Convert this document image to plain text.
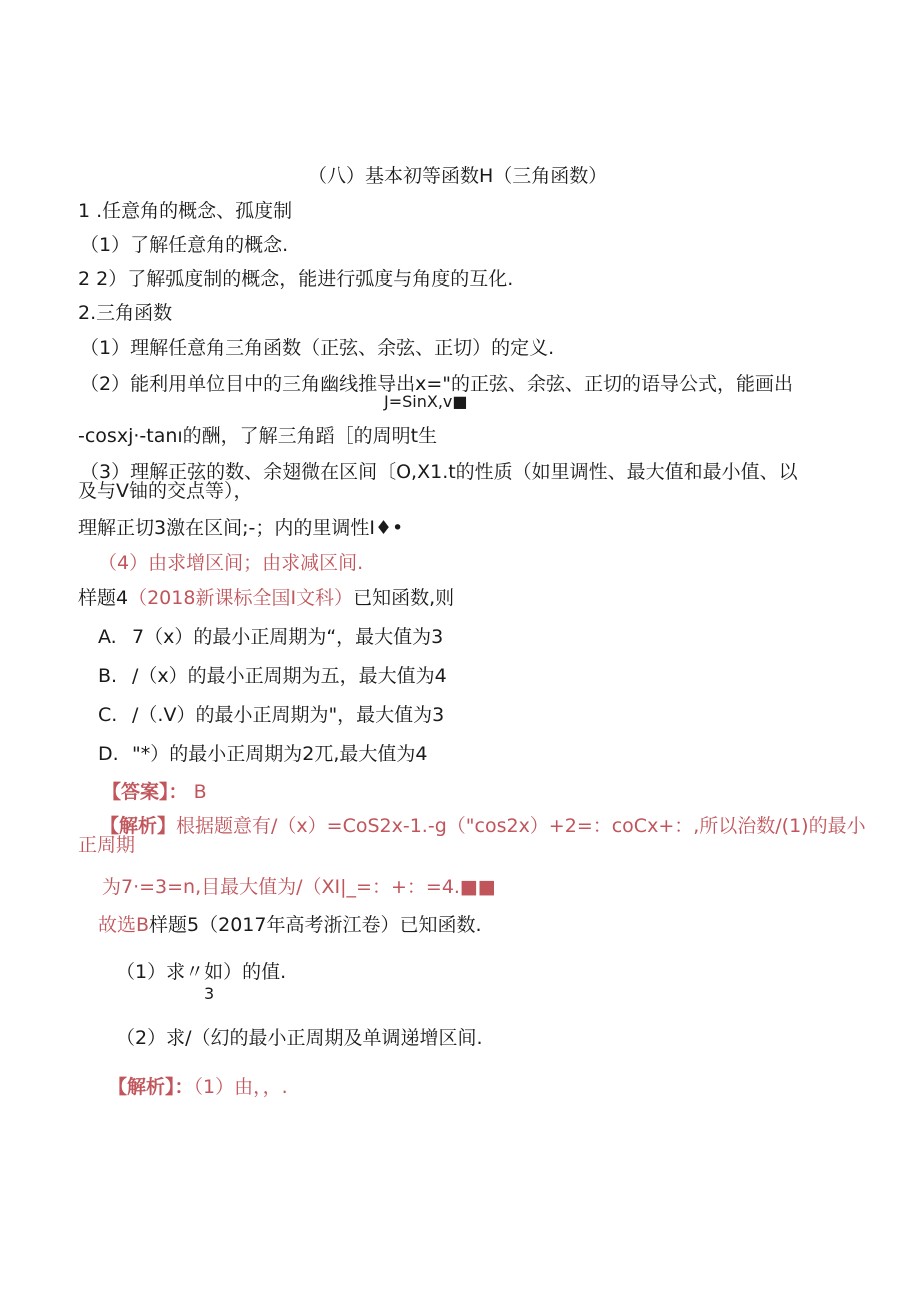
（八）基本初等函数H（三角函数）
1 .任意角的概念、孤度制
（1）了解任意角的概念.
2 2）了解弧度制的概念，能进行弧度与角度的互化.
2.三角函数
（1）理解任意角三角函数（正弦、余弦、正切）的定义.
（2）能利用单位目中的三角幽线推导出x="的正弦、余弦、正切的语导公式，能画出
J=SinX,v■
-cosxj·-tanı的酬，了解三角蹈［的周明t生
（3）理解正弦的数、余翅微在区间〔O,X1.t的性质（如里调性、最大值和最小值、以
及与V铀的交点等），
理解正切3激在区间;-；内的里调性I♦•
（4）由求增区间；由求减区间.
样题4（2018新课标全国I文科）已知函数,则
A. 7（x）的最小正周期为“，最大值为3
B. /（x）的最小正周期为五，最大值为4
C. /（.V）的最小正周期为"，最大值为3
D. "*）的最小正周期为2兀,最大值为4
【答案】： B
【解析】根据题意有/（x）=CoS2x-1.-g（"cos2x）+2=：coCx+：,所以治数/(1)的最小
正周期
为7·=3=n,目最大值为/（XI|_=：+：=4.■■
故选B样题5（2017年高考浙江卷）已知函数.
（1）求〃如）的值.
3
（2）求/（幻的最小正周期及单调递增区间.
【解析】：（1）由，，.
